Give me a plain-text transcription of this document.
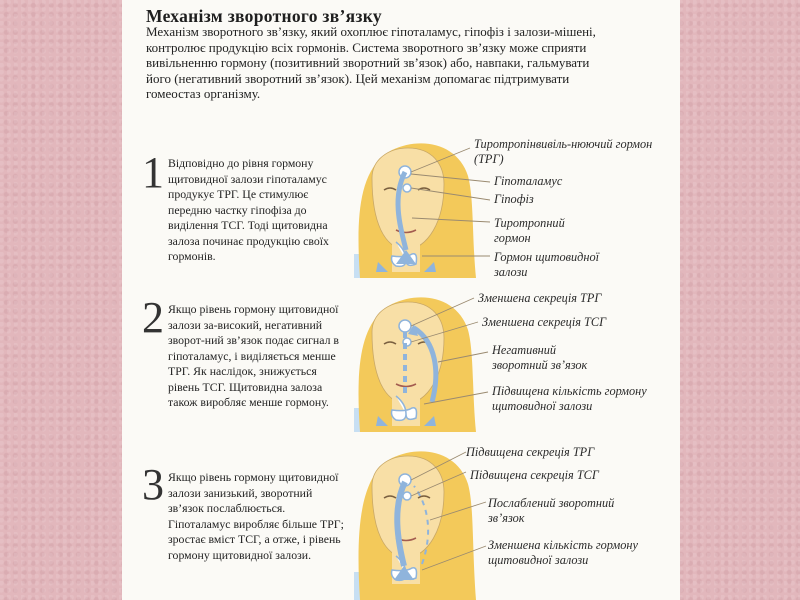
Механізм зворотного зв’язку

Механізм зворотного зв’язку, який охоплює гіпоталамус, гіпофіз і залози-мішені, контролює продукцію всіх гормонів. Система зворотного зв’язку може сприяти вивільненню гормону (позитивний зворотний зв’язок) або, навпаки, гальмувати його (негативний зворотний зв’язок). Цей механізм допомагає підтримувати гомеостаз організму.

1 Відповідно до рівня гормону щитовидної залози гіпоталамус продукує ТРГ. Це стимулює передню частку гіпофіза до виділення ТСГ. Тоді щитовидна залоза починає продукцію своїх гормонів.

Тиротропінвивіль-нюючий гормон (ТРГ)
Гіпоталамус
Гіпофіз
Тиротропний гормон
Гормон щитовидної залози
2 Якщо рівень гормону щитовидної залози за-високий, негативний зворот-ний зв’язок подає сигнал в гіпоталамус, і виділяється менше ТРГ. Як наслідок, знижується рівень ТСГ. Щитовидна залоза також виробляє менше гормону.

Зменшена секреція ТРГ
Зменшена секреція ТСГ
Негативний зворотний зв’язок
Підвищена кількість гормону щитовидної залози
3 Якщо рівень гормону щитовидної залози занизький, зворотний зв’язок послаблюється. Гіпоталамус виробляє більше ТРГ; зростає вміст ТСГ, а отже, і рівень гормону щитовидної залози.

Підвищена секреція ТРГ
Підвищена секреція ТСГ
Послаблений зворотний зв’язок
Зменшена кількість гормону щитовидної залози
